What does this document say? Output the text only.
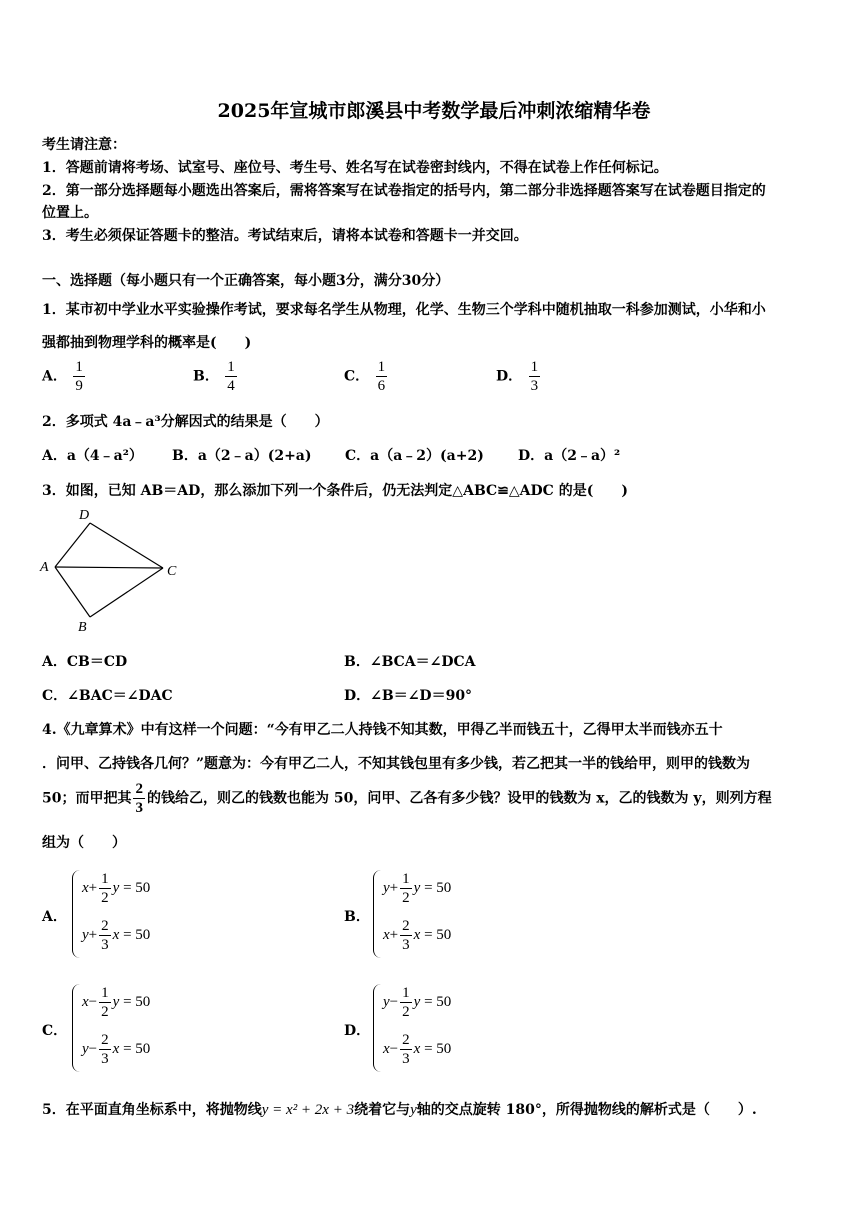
2025年宣城市郎溪县中考数学最后冲刺浓缩精华卷
考生请注意：
1．答题前请将考场、试室号、座位号、考生号、姓名写在试卷密封线内，不得在试卷上作任何标记。
2．第一部分选择题每小题选出答案后，需将答案写在试卷指定的括号内，第二部分非选择题答案写在试卷题目指定的
位置上。
3．考生必须保证答题卡的整洁。考试结束后，请将本试卷和答题卡一并交回。
一、选择题（每小题只有一个正确答案，每小题3分，满分30分）
1．某市初中学业水平实验操作考试，要求每名学生从物理，化学、生物三个学科中随机抽取一科参加测试，小华和小
强都抽到物理学科的概率是(　　)
A． $\frac{1}{9}$	B． $\frac{1}{4}$	C． $\frac{1}{6}$	D． $\frac{1}{3}$
2．多项式 4a﹣a³分解因式的结果是（　　）
A．a（4﹣a²） B．a（2﹣a）(2+a) C．a（a﹣2）(a+2) D．a（2﹣a）²
3．如图，已知 AB＝AD，那么添加下列一个条件后，仍无法判定△ABC≌△ADC 的是(　　)
D
A	C
B
A．CB＝CD	B．∠BCA＝∠DCA
C．∠BAC＝∠DAC	D．∠B＝∠D＝90°
4.《九章算术》中有这样一个问题：“今有甲乙二人持钱不知其数，甲得乙半而钱五十，乙得甲太半而钱亦五十
．问甲、乙持钱各几何？”题意为：今有甲乙二人，不知其钱包里有多少钱，若乙把其一半的钱给甲，则甲的钱数为
50；而甲把其 $\frac{2}{3}$ 的钱给乙，则乙的钱数也能为 50，问甲、乙各有多少钱？设甲的钱数为 x，乙的钱数为 y，则列方程
组为（　　）
A．
$x+ \frac{1}{2}$ y = 50
$y+ \frac{2}{3}$ x = 50
B．
$y+ \frac{1}{2}$ y = 50
$x+ \frac{2}{3}$ x = 50
C．
$x- \frac{1}{2}$ y = 50
$y- \frac{2}{3}$ x = 50
D．
$y- \frac{1}{2}$ y = 50
$x- \frac{2}{3}$ x = 50
5．在平面直角坐标系中，将抛物线y = x² + 2x + 3绕着它与y轴的交点旋转 180°，所得抛物线的解析式是（　　）.
